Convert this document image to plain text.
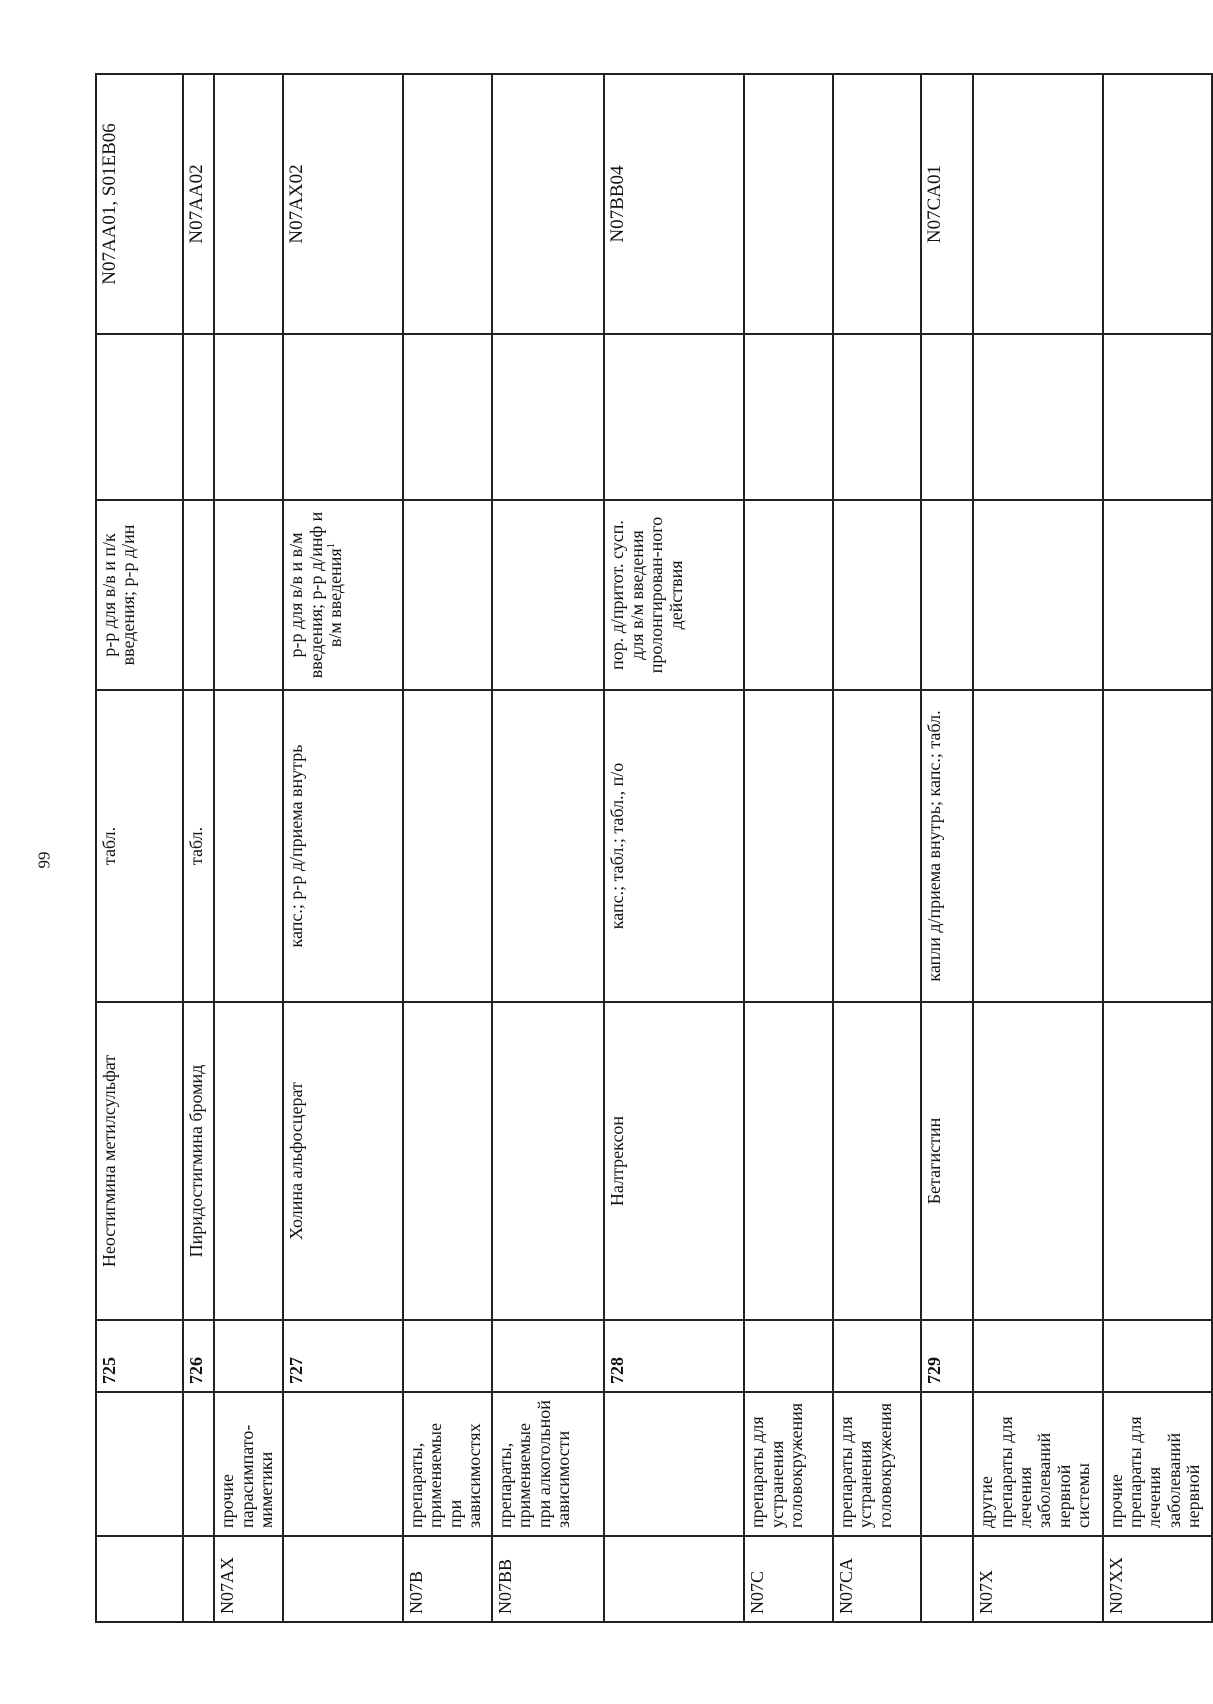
99
		725	Неостигмина метилсульфат	табл.	р-р для в/в и п/к введения; р-р д/ин		N07AA01, S01EB06
		726	Пиридостигмина бромид	табл.			N07AA02
N07AX	прочие парасимпато-миметики						
		727	Холина альфосцерат	капс.; р-р д/приема внутрь	р-р для в/в и в/м введения; р-р д/инф и в/м введения$^1$		N07AX02
N07B	препараты, применяемые при зависимостях						
N07BB	препараты, применяемые при алкогольной зависимости						
		728	Налтрексон	капс.; табл.; табл., п/о	пор. д/притот. сусп. для в/м введения пролонгирован-ного действия		N07BB04
N07C	препараты для устранения головокружения						
N07CA	препараты для устранения головокружения						
		729	Бетагистин	капли д/приема внутрь; капс.; табл.			N07CA01
N07X	другие препараты для лечения заболеваний нервной системы						
N07XX	прочие препараты для лечения заболеваний нервной						
